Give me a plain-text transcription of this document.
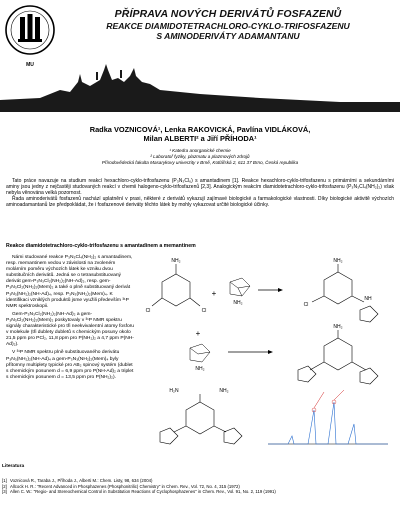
MU
PŘÍPRAVA NOVÝCH DERIVÁTŮ FOSFAZENŮ
REAKCE DIAMIDOTETRACHLORO-CYKLO-TRIFOSFAZENU
S AMINODERIVÁTY ADAMANTANU
Radka VOZNICOVÁ¹, Lenka RAKOVICKÁ, Pavlína VIDLÁKOVÁ,
Milan ALBERTI² a Jiří PŘÍHODA¹
¹ Katedra anorganické chemie
² Laboratoř fyziky, plazmatu a plazmových zdrojů
Přírodovědecká fakulta Masarykovy univerzity v Brně, Kotlářská 2, 611 37 Brno, Česká republika

Tato práce navazuje na studium reakcí hexachloro-cyklo-trifosfazenu (P₃N₃Cl₆) s amantadinem [1]. Reakce hexachloro-cyklo-trifosfazenu s primárními a sekundárními aminy jsou jedny z nejčastěji studovaných reakcí v chemii halogeno-cyklo-trifosfazenů [2,3]. Analogickým reakcím diamidotetrachloro-cyklo-trifosfazenu (P₃N₃Cl₄(NH₂)₂) však nebyla věnována velká pozornost.

Řada aminoderivátů fosfazenů nachází uplatnění v praxi, některé z derivátů vykazují zajímavé biologické a farmakologické vlastnosti. Díky biologické aktivitě výchozích aminoadamantanů lze předpokládat, že i fosfazenové deriváty těchto látek by mohly vykazovat určité biologické účinky.

Reakce diamidotetrachloro-cyklo-trifosfazenu s amantadinem a memantinem

Námi studované reakce P₃N₃Cl₄(NH₂)₂ s amantadinem, resp. memantinem vedou v závislosti na zvoleném molárním poměru výchozích látek ke vzniku dvou substitučních derivátů. Jedná se o tetrasubstituovaný derivát gem-P₃N₃Cl₂(NH₂)₂(NH-Ad)₂, resp. gem-P₃N₃Cl₂(NH₂)₂(Mem)₂ a také o plně substituovaný derivát P₃N₃(NH₂)₂(NH-Ad)₄, resp. P₃N₃(NH₂)₂(Mem)₄. K identifikaci vzniklých produktů jsme využili především ³¹P NMR spektroskopii.

Gem-P₃N₃Cl₂(NH₂)₂(NH-Ad)₂ a gem-P₃N₃Cl₂(NH₂)₂(Mem)₂ poskytovaly v ³¹P NMR spektru signály charakteristické pro tři neekvivalentní atomy fosforu v molekule (tři dublety dubletů s chemickým posuny okolo 21,5 ppm pro PCl₂, 11,8 ppm pro P(NH₂)₂ a 4,7 ppm P(NH-Ad)₂).

V ³¹P NMR spektru plně substituovaného derivátu P₃N₃(NH₂)₂(NH-Ad)₄ a gem-P₃N₃(NH₂)₂(Mem)₄ byly přítomny multiplety typické pro AB₂ spinový systém (dublet s chemickým posunem d = 6,9 ppm pro P(NH-Ad)₂ a triplet s chemickým posunem d = 13,5 ppm pro P(NH₂)₂).

NH₂
Cl	Cl
+
NH₂
NH₂
Cl
NH
+
NH₂
NH₂
H₂N	NH₂
Literatura
[1] Voznicová R., Taraba J., Příhoda J., Alberti M.: Chem. Listy, 98, 634 (2004)
[2] Allcock H. R.: "Recent Advanced in Phosphazenes (Phosphonitrilic) Chemistry" in Chem. Rev., Vol. 72, No. 4, 315 (1972)
[3] Allen C. W.: "Regio- and Stereochemical Control in Substitution Reactions of Cyclophosphazenes" in Chem. Rev., Vol. 91, No. 2, 119 (1991)
